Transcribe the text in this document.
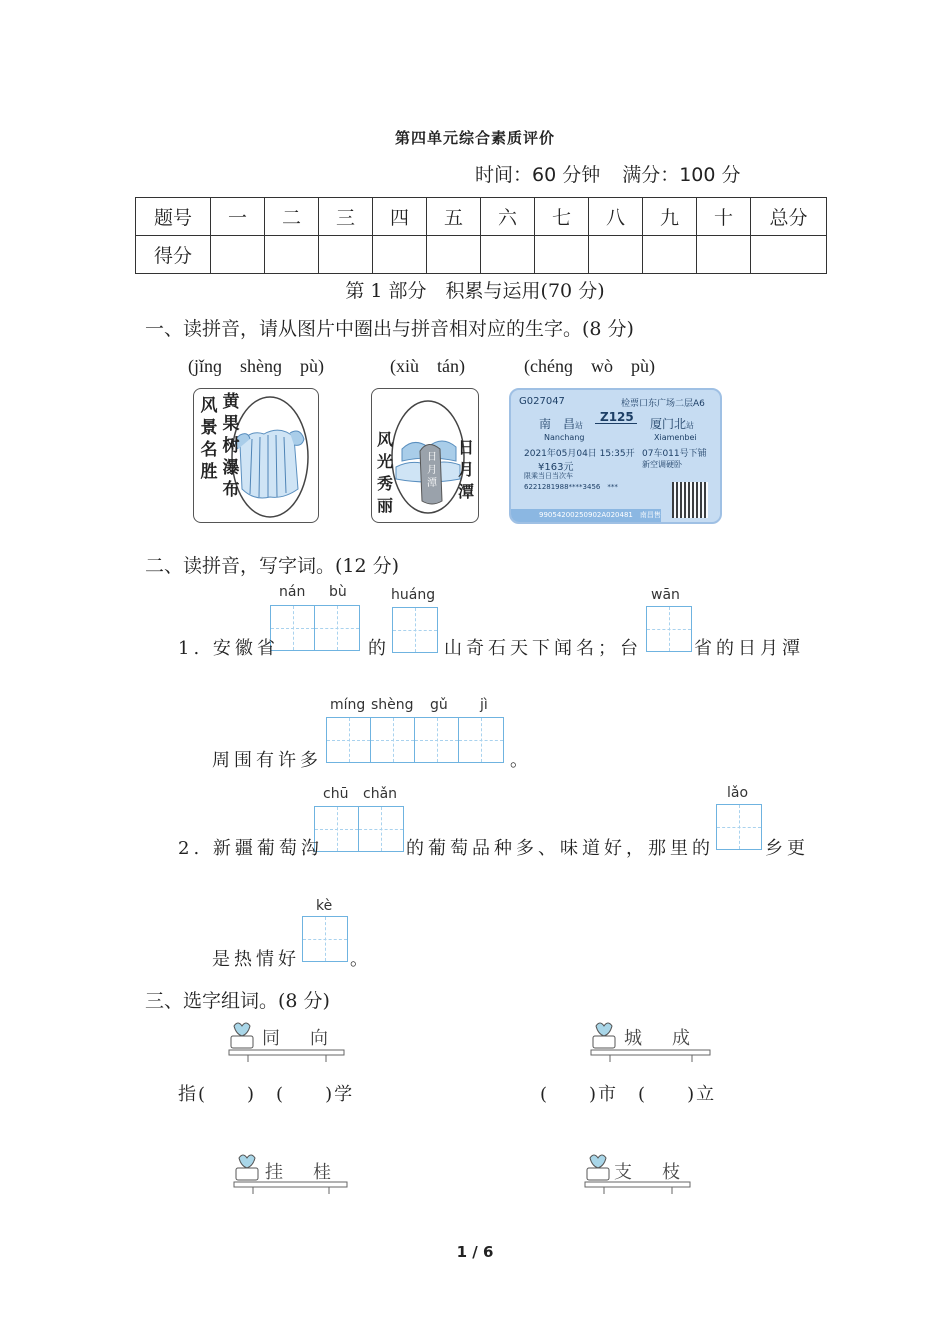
第四单元综合素质评价
时间：60 分钟 满分：100 分
题号	一	二	三	四	五	六	七	八	九	十	总分
得分											
第 1 部分　积累与运用(70 分)
一、读拼音，请从图片中圈出与拼音相对应的生字。(8 分)
(jǐnɡ　shènɡ　pù)	(xiù　tán)	(chénɡ　wò　pù)
风景名胜
黄果树瀑布
风光秀丽
日月潭
日月潭
G027047	检票口东广场二层A6
南　昌站
Z125 厦门北站
Nanchang	Xiamenbei
2021年05月04日 15:35开 07车011号下铺
¥163元	新空调硬卧
限乘当日当次车
6221281988****3456　***
99054200250902A020481　南昌售
二、读拼音，写字词。(12 分)
nán bù	huáng	wān
1. 安徽省	的	山奇石天下闻名；台	省的日月潭
míng shèng gǔ jì
周围有许多	。
chū chǎn	lǎo
2. 新疆葡萄沟	的葡萄品种多、味道好，那里的	乡更
kè
是热情好	。
三、选字组词。(8 分)
同　向	城　成
指(　　)　(　　)学	(　　)市　(　　)立
挂　桂	支　枝
1 / 6
